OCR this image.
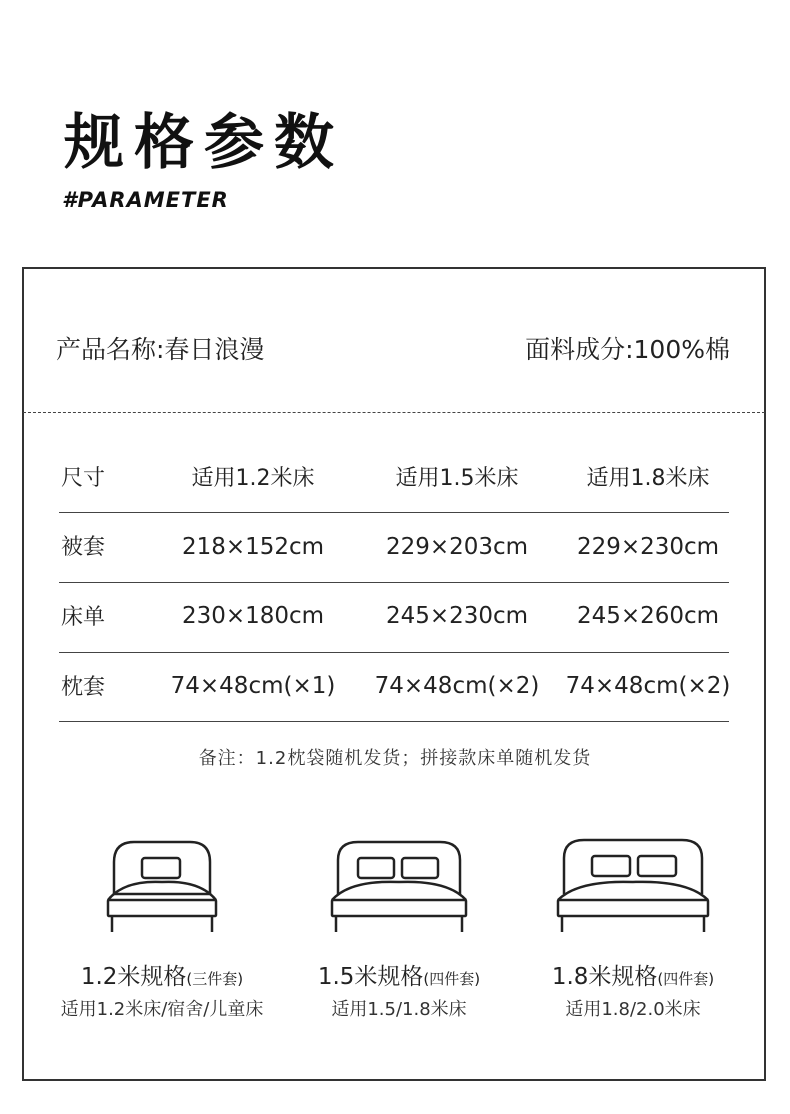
规格参数
#PARAMETER
产品名称:春日浪漫	面料成分:100%棉
尺寸	适用1.2米床	适用1.5米床	适用1.8米床
被套	218×152cm	229×203cm 229×230cm
床单	230×180cm	245×230cm 245×260cm
枕套	74×48cm(×1) 74×48cm(×2) 74×48cm(×2)
备注：1.2枕袋随机发货；拼接款床单随机发货
1.2米规格(三件套)	1.5米规格(四件套)	1.8米规格(四件套)
适用1.2米床/宿舍/儿童床	适用1.5/1.8米床	适用1.8/2.0米床
